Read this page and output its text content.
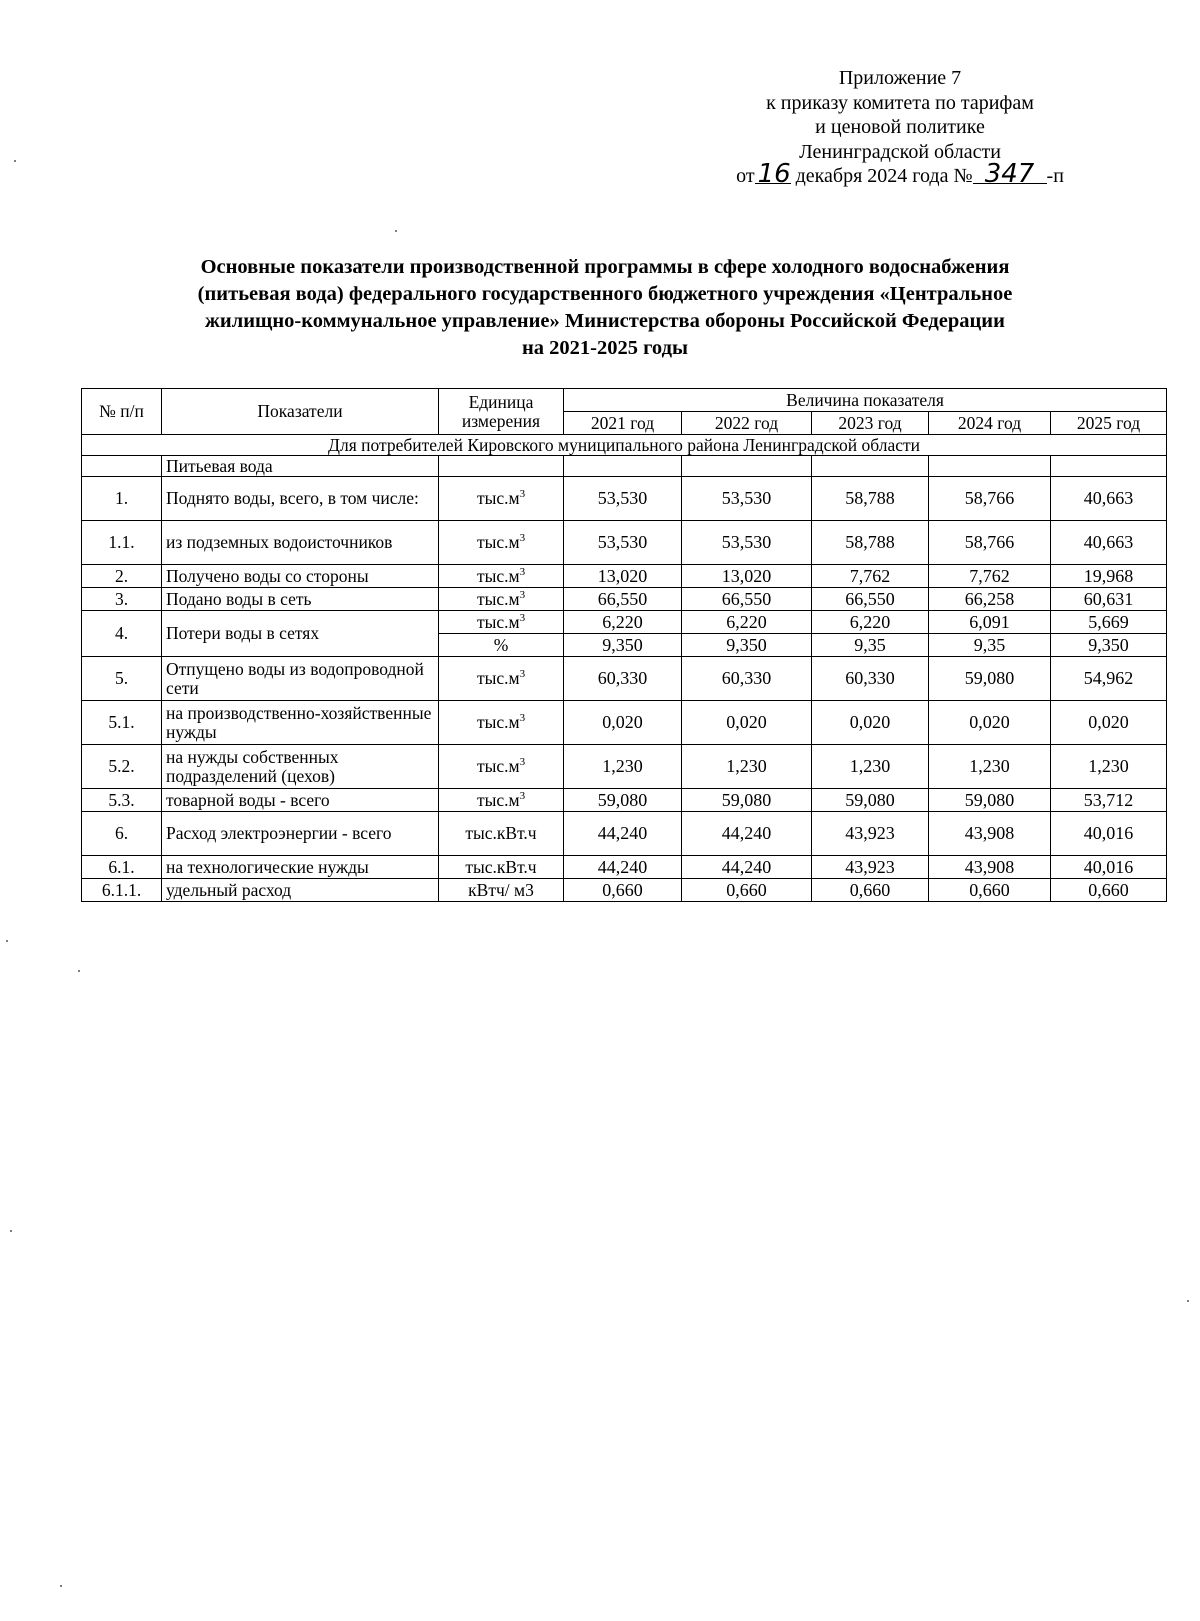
Приложение 7
к приказу комитета по тарифам
и ценовой политике
Ленинградской области
от 16 декабря 2024 года № 347 -п
Основные показатели производственной программы в сфере холодного водоснабжения
(питьевая вода) федерального государственного бюджетного учреждения «Центральное
жилищно-коммунальное управление» Министерства обороны Российской Федерации
на 2021-2025 годы
№ п/п	Показатели	Единица измерения	Величина показателя				
			2021 год	2022 год	2023 год	2024 год	2025 год
Для потребителей Кировского муниципального района Ленинградской области							
	Питьевая вода						
1.	Поднято воды, всего, в том числе:	$тыс.м^3$	53,530	53,530	58,788	58,766	40,663
1.1.	из подземных водоисточников	$тыс.м^3$	53,530	53,530	58,788	58,766	40,663
2.	Получено воды со стороны	$тыс.м^3$	13,020	13,020	7,762	7,762	19,968
3.	Подано воды в сеть	$тыс.м^3$	66,550	66,550	66,550	66,258	60,631
4.	Потери воды в сетях	$тыс.м^3$	6,220	6,220	6,220	6,091	5,669
		%	9,350	9,350	9,35	9,35	9,350
5.	Отпущено воды из водопроводной сети	$тыс.м^3$	60,330	60,330	60,330	59,080	54,962
5.1.	на производственно-хозяйственные нужды	$тыс.м^3$	0,020	0,020	0,020	0,020	0,020
5.2.	на нужды собственных подразделений (цехов)	$тыс.м^3$	1,230	1,230	1,230	1,230	1,230
5.3.	товарной воды - всего	$тыс.м^3$	59,080	59,080	59,080	59,080	53,712
6.	Расход электроэнергии - всего	тыс.кВт.ч	44,240	44,240	43,923	43,908	40,016
6.1.	на технологические нужды	тыс.кВт.ч	44,240	44,240	43,923	43,908	40,016
6.1.1.	удельный расход	кВтч/ м3	0,660	0,660	0,660	0,660	0,660
